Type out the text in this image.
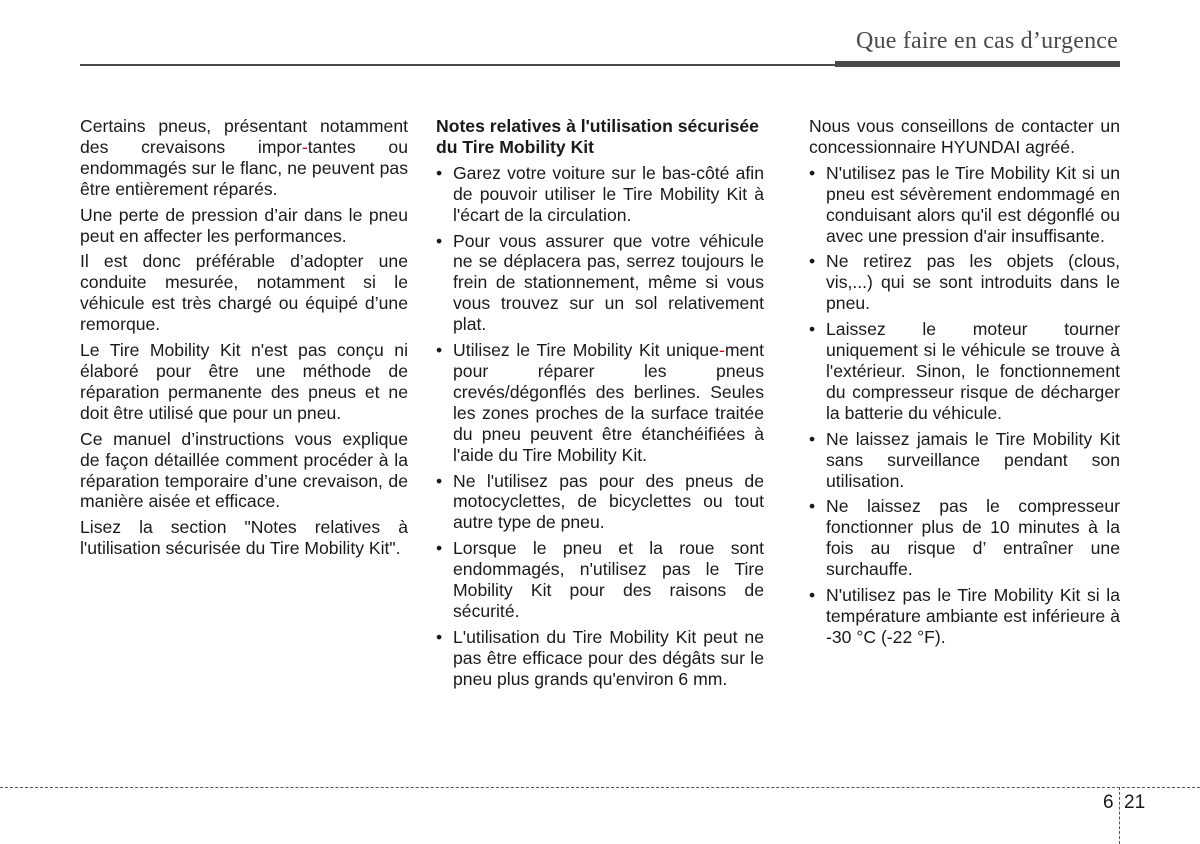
Que faire en cas d’urgence

Certains pneus, présentant notamment des crevaisons impor-tantes ou endommagés sur le flanc, ne peuvent pas être entièrement réparés.

Une perte de pression d’air dans le pneu peut en affecter les performances.

Il est donc préférable d’adopter une conduite mesurée, notamment si le véhicule est très chargé ou équipé d’une remorque.

Le Tire Mobility Kit n'est pas conçu ni élaboré pour être une méthode de réparation permanente des pneus et ne doit être utilisé que pour un pneu.

Ce manuel d’instructions vous explique de façon détaillée comment procéder à la réparation temporaire d’une crevaison, de manière aisée et efficace.

Lisez la section "Notes relatives à l'utilisation sécurisée du Tire Mobility Kit".

Notes relatives à l'utilisation sécurisée du Tire Mobility Kit

• Garez votre voiture sur le bas-côté afin de pouvoir utiliser le Tire Mobility Kit à l'écart de la circulation.
• Pour vous assurer que votre véhicule ne se déplacera pas, serrez toujours le frein de stationnement, même si vous vous trouvez sur un sol relativement plat.
• Utilisez le Tire Mobility Kit unique-ment pour réparer les pneus crevés/dégonflés des berlines. Seules les zones proches de la surface traitée du pneu peuvent être étanchéifiées à l'aide du Tire Mobility Kit.
• Ne l'utilisez pas pour des pneus de motocyclettes, de bicyclettes ou tout autre type de pneu.
• Lorsque le pneu et la roue sont endommagés, n'utilisez pas le Tire Mobility Kit pour des raisons de sécurité.
• L'utilisation du Tire Mobility Kit peut ne pas être efficace pour des dégâts sur le pneu plus grands qu'environ 6 mm.

Nous vous conseillons de contacter un concessionnaire HYUNDAI agréé.

• N'utilisez pas le Tire Mobility Kit si un pneu est sévèrement endommagé en conduisant alors qu'il est dégonflé ou avec une pression d'air insuffisante.
• Ne retirez pas les objets (clous, vis,...) qui se sont introduits dans le pneu.
• Laissez le moteur tourner uniquement si le véhicule se trouve à l'extérieur. Sinon, le fonctionnement du compresseur risque de décharger la batterie du véhicule.
• Ne laissez jamais le Tire Mobility Kit sans surveillance pendant son utilisation.
• Ne laissez pas le compresseur fonctionner plus de 10 minutes à la fois au risque d’ entraîner une surchauffe.
• N'utilisez pas le Tire Mobility Kit si la température ambiante est inférieure à -30 °C (-22 °F).
6 21
